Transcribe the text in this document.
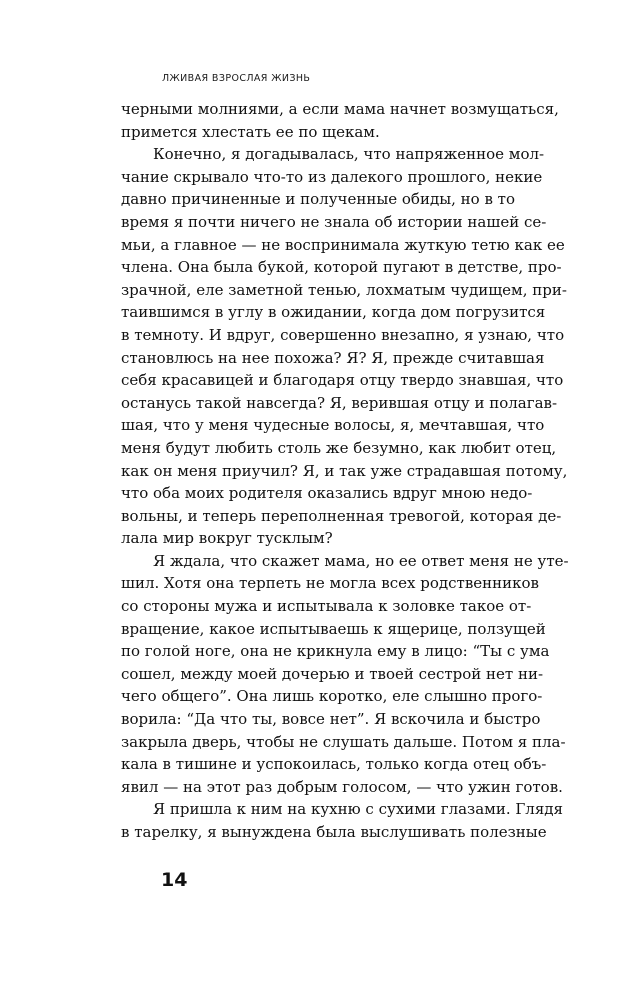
ЛЖИВАЯ ВЗРОСЛАЯ ЖИЗНЬ
черными молниями, а если мама начнет возмущаться,
примется хлестать ее по щекам.
Конечно, я догадывалась, что напряженное мол-
чание скрывало что-то из далекого прошлого, некие
давно причиненные и полученные обиды, но в то
время я почти ничего не знала об истории нашей се-
мьи, а главное — не воспринимала жуткую тетю как ее
члена. Она была букой, которой пугают в детстве, про-
зрачной, еле заметной тенью, лохматым чудищем, при-
таившимся в углу в ожидании, когда дом погрузится
в темноту. И вдруг, совершенно внезапно, я узнаю, что
становлюсь на нее похожа? Я? Я, прежде считавшая
себя красавицей и благодаря отцу твердо знавшая, что
останусь такой навсегда? Я, верившая отцу и полагав-
шая, что у меня чудесные волосы, я, мечтавшая, что
меня будут любить столь же безумно, как любит отец,
как он меня приучил? Я, и так уже страдавшая потому,
что оба моих родителя оказались вдруг мною недо-
вольны, и теперь переполненная тревогой, которая де-
лала мир вокруг тусклым?
Я ждала, что скажет мама, но ее ответ меня не уте-
шил. Хотя она терпеть не могла всех родственников
со стороны мужа и испытывала к золовке такое от-
вращение, какое испытываешь к ящерице, ползущей
по голой ноге, она не крикнула ему в лицо: “Ты с ума
сошел, между моей дочерью и твоей сестрой нет ни-
чего общего”. Она лишь коротко, еле слышно прого-
ворила: “Да что ты, вовсе нет”. Я вскочила и быстро
закрыла дверь, чтобы не слушать дальше. Потом я пла-
кала в тишине и успокоилась, только когда отец объ-
явил — на этот раз добрым голосом, — что ужин готов.
Я пришла к ним на кухню с сухими глазами. Глядя
в тарелку, я вынуждена была выслушивать полезные
14
